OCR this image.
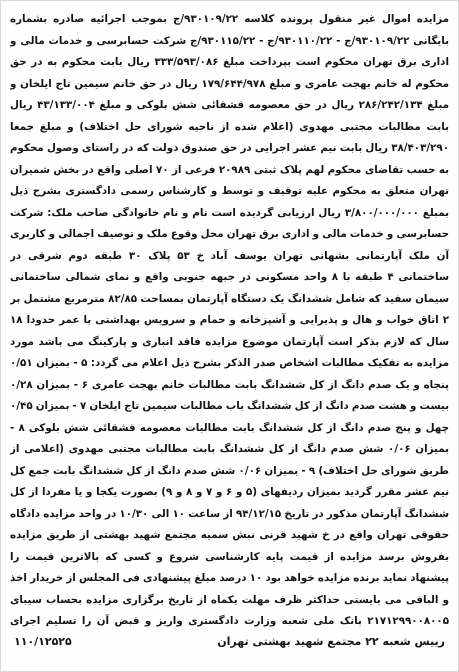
مزایده اموال غیر منقول پرونده کلاسه ۹۳۰۱۰۹/۲۲/ج بموجب اجرائیه صادره بشماره بایگانی ۹۳۰۱۰۹/۲۲/ج - ۹۳۰۱۱۰/۲۲/ج - ۹۳۰۱۱۵/۲۲/ج شرکت حسابرسی و خدمات مالی و اداری برق تهران محکوم است بپرداخت مبلغ ۳۳۳/۵۹۳/۰۸۶ ریال بابت محکوم به در حق محکوم له خانم بهجت عامری و مبلغ ۱۷۹/۶۴۴/۹۷۸ ریال در حق خانم سیمین تاج ایلخان و مبلغ ۲۸۶/۲۴۲/۱۳۴ ریال در حق معصومه قشقائی شش بلوکی و مبلغ ۴۳/۱۳۳/۰۰۴ ریال بابت مطالبات مجتبی مهدوی (اعلام شده از ناحیه شورای حل اختلاف) و مبلغ جمعا ۳۸/۴۰۳/۲۹۰ ریال بابت نیم عشر اجرایی در حق صندوق دولت که در راستای وصول محکوم به حسب تقاضای محکوم لهم پلاک ثبتی ۲۰۹۸۹ فرعی از ۷۰ اصلی واقع در بخش شمیران تهران متعلق به محکوم علیه توقیف و توسط و کارشناس رسمی دادگستری بشرح ذیل بمبلغ ۳/۸۰۰/۰۰۰/۰۰۰ ریال ارزیابی گردیده است نام و نام خانوادگی صاحب ملک: شرکت حسابرسی و خدمات مالی و اداری برق تهران محل وقوع ملک و توصیف اجمالی و کاربری آن ملک آپارتمانی بشهانی تهران یوسف آباد خ ۵۳ پلاک ۳۰ طبقه دوم شرقی در ساختمانی ۴ طبقه با ۸ واحد مسکونی در جبهه جنوبی واقع و نمای شمالی ساختمانی سیمان سفید که شامل ششدانگ یک دستگاه آپارتمان بمساحت ۸۲/۸۵ مترمربع مشتمل بر ۲ اتاق خواب و هال و پذیرایی و آشپزخانه و حمام و سرویس بهداشتی با عمر حدودا ۱۸ سال که لازم بذکر است آپارتمان موضوع مزایده فاقد انباری و پارکینگ می باشد مورد مزایده به تفکیک مطالبات اشخاص صدر الذکر بشرح ذیل اعلام می گردد: ۵ - بمیزان ۰/۵۱ پنجاه و یک صدم دانگ از کل ششدانگ بابت مطالبات خانم بهجت عامری ۶ - بمیزان ۰/۲۸ بیست و هشت صدم دانگ از کل ششدانگ باب مطالبات سیمین تاج ایلخان ۷ - بمیزان ۰/۴۵ چهل و پنج صدم دانگ از کل ششدانگ بابت مطالبات معصومه قشقائی شش بلوکی ۸ - بمیزان ۰/۰۶ شش صدم دانگ از کل ششدانگ بابت مطالبات مجتبی مهدوی (اعلامی از طریق شورای حل اختلاف) ۹ - بمیزان ۰/۰۶ شش صدم دانگ از کل ششدانگ بابت جمع کل نیم عشر مقرر گردید بمیزان ردیفهای (۵ و ۶ و ۷ و ۸ و ۹) بصورت یکجا و یا مفردا از کل ششدانگ آپارتمان مذکور در تاریخ ۹۴/۱۲/۱۵ از ساعت ۱۰ الی ۱۰/۳۰ در واحد مزایده دادگاه حقوقی تهران واقع در خ شهید قرنی نبش سمیه مجتمع شهید بهشتی از طریق مزایده بفروش برسد مزایده از قیمت پایه کارشناسی شروع و کسی که بالاترین قیمت را پیشنهاد نماید برنده مزایده خواهد بود ۱۰ درصد مبلغ پیشنهادی فی المجلس از خریدار اخذ و الباقی می بایستی حداکثر ظرف مهلت یکماه از تاریخ برگزاری مزایده بحساب سیبای ۲۱۷۱۲۹۹۰۰۸۰۰۵ بانک ملی شعبه وزارت دادگستری واریز و قبض آن را تسلیم اجرای

رییس شعبه ۲۲ مجتمع شهید بهشتی تهران
۱۱۰/۱۲۵۲۵
